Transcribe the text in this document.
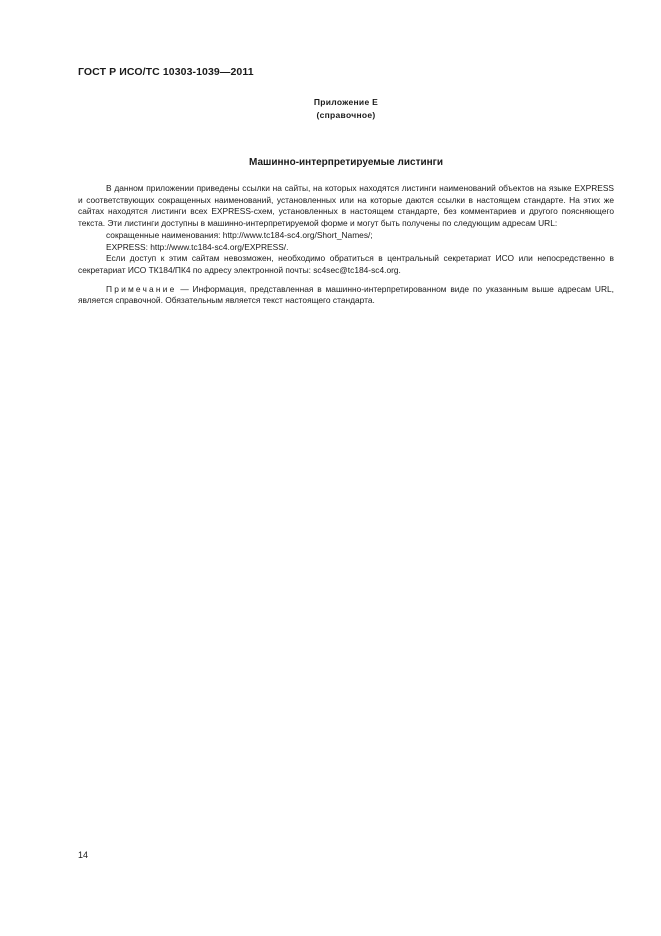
ГОСТ Р ИСО/ТС 10303-1039—2011
Приложение Е
(справочное)
Машинно-интерпретируемые листинги

В данном приложении приведены ссылки на сайты, на которых находятся листинги наименований объектов на языке EXPRESS и соответствующих сокращенных наименований, установленных или на которые даются ссылки в настоящем стандарте. На этих же сайтах находятся листинги всех EXPRESS-схем, установленных в настоящем стандарте, без комментариев и другого поясняющего текста. Эти листинги доступны в машинно-интерпретируемой форме и могут быть получены по следующим адресам URL:

сокращенные наименования: http://www.tc184-sc4.org/Short_Names/;

EXPRESS: http://www.tc184-sc4.org/EXPRESS/.

Если доступ к этим сайтам невозможен, необходимо обратиться в центральный секретариат ИСО или непосредственно в секретариат ИСО ТК184/ПК4 по адресу электронной почты: sc4sec@tc184-sc4.org.

Примечание — Информация, представленная в машинно-интерпретированном виде по указанным выше адресам URL, является справочной. Обязательным является текст настоящего стандарта.

14
